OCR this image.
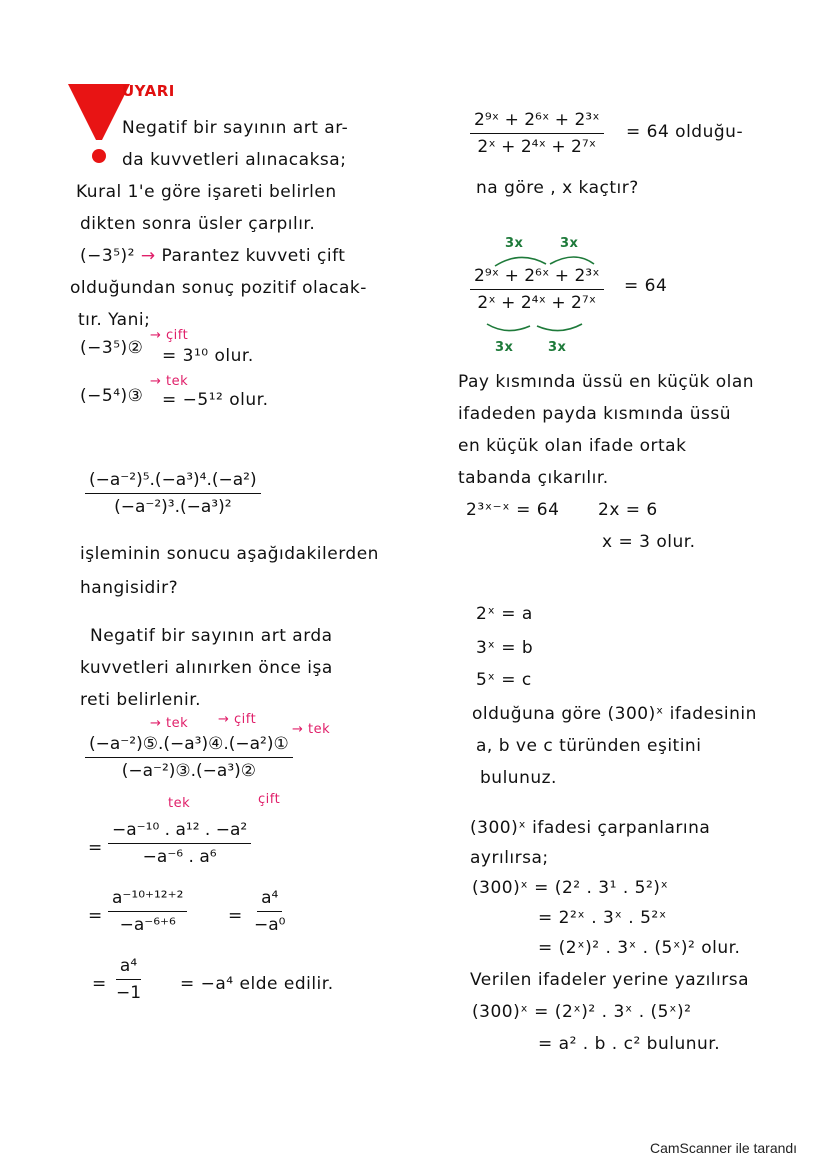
UYARI
Negatif bir sayının art ar-
da kuvvetleri alınacaksa;
Kural 1'e göre işareti belirlen
dikten sonra üsler çarpılır.
(−3⁵)² → Parantez kuvveti çift
olduğundan sonuç pozitif olacak-
tır. Yani;
(−3⁵)②
→ çift
= 3¹⁰ olur.
(−5⁴)③
→ tek
= −5¹² olur.
$\frac{\text{(−a⁻²)⁵.(−a³)⁴.(−a²)}}{\text{(−a⁻²)³.(−a³)²}}$
işleminin sonucu aşağıdakilerden
hangisidir?
Negatif bir sayının art arda
kuvvetleri alınırken önce işa
reti belirlenir.
→ tek → çift
→ tek
$\frac{\text{(−a⁻²)⑤.(−a³)④.(−a²)①}}{\text{(−a⁻²)③.(−a³)②}}$
tek	çift
= $\frac{\text{−a⁻¹⁰ . a¹² . −a²}}{\text{−a⁻⁶ . a⁶}}$
= $\frac{\text{a⁻¹⁰⁺¹²⁺²}}{\text{−a⁻⁶⁺⁶}} = \frac{\text{a⁴}}{\text{−a⁰}}$
= $\frac{\text{a⁴}}{-1} = -a^4$ elde edilir.
$\frac{\text{2⁹ˣ + 2⁶ˣ + 2³ˣ}}{\text{2ˣ + 2⁴ˣ + 2⁷ˣ}} = 64$ olduğu-
na göre , x kaçtır?
3x	3x
$\frac{\text{2⁹ˣ + 2⁶ˣ + 2³ˣ}}{\text{2ˣ + 2⁴ˣ + 2⁷ˣ}} = 64$
3x	3x
Pay kısmında üssü en küçük olan
ifadeden payda kısmında üssü
en küçük olan ifade ortak
tabanda çıkarılır.
2³ˣ⁻ˣ = 64 2x = 6
x = 3 olur.
2ˣ = a
3ˣ = b
5ˣ = c
olduğuna göre (300)ˣ ifadesinin
a, b ve c türünden eşitini
bulunuz.
(300)ˣ ifadesi çarpanlarına
ayrılırsa;
(300)ˣ = (2² . 3¹ . 5²)ˣ
= 2²ˣ . 3ˣ . 5²ˣ
= (2ˣ)² . 3ˣ . (5ˣ)² olur.
Verilen ifadeler yerine yazılırsa
(300)ˣ = (2ˣ)² . 3ˣ . (5ˣ)²
= a² . b . c² bulunur.
CamScanner ile tarandı
